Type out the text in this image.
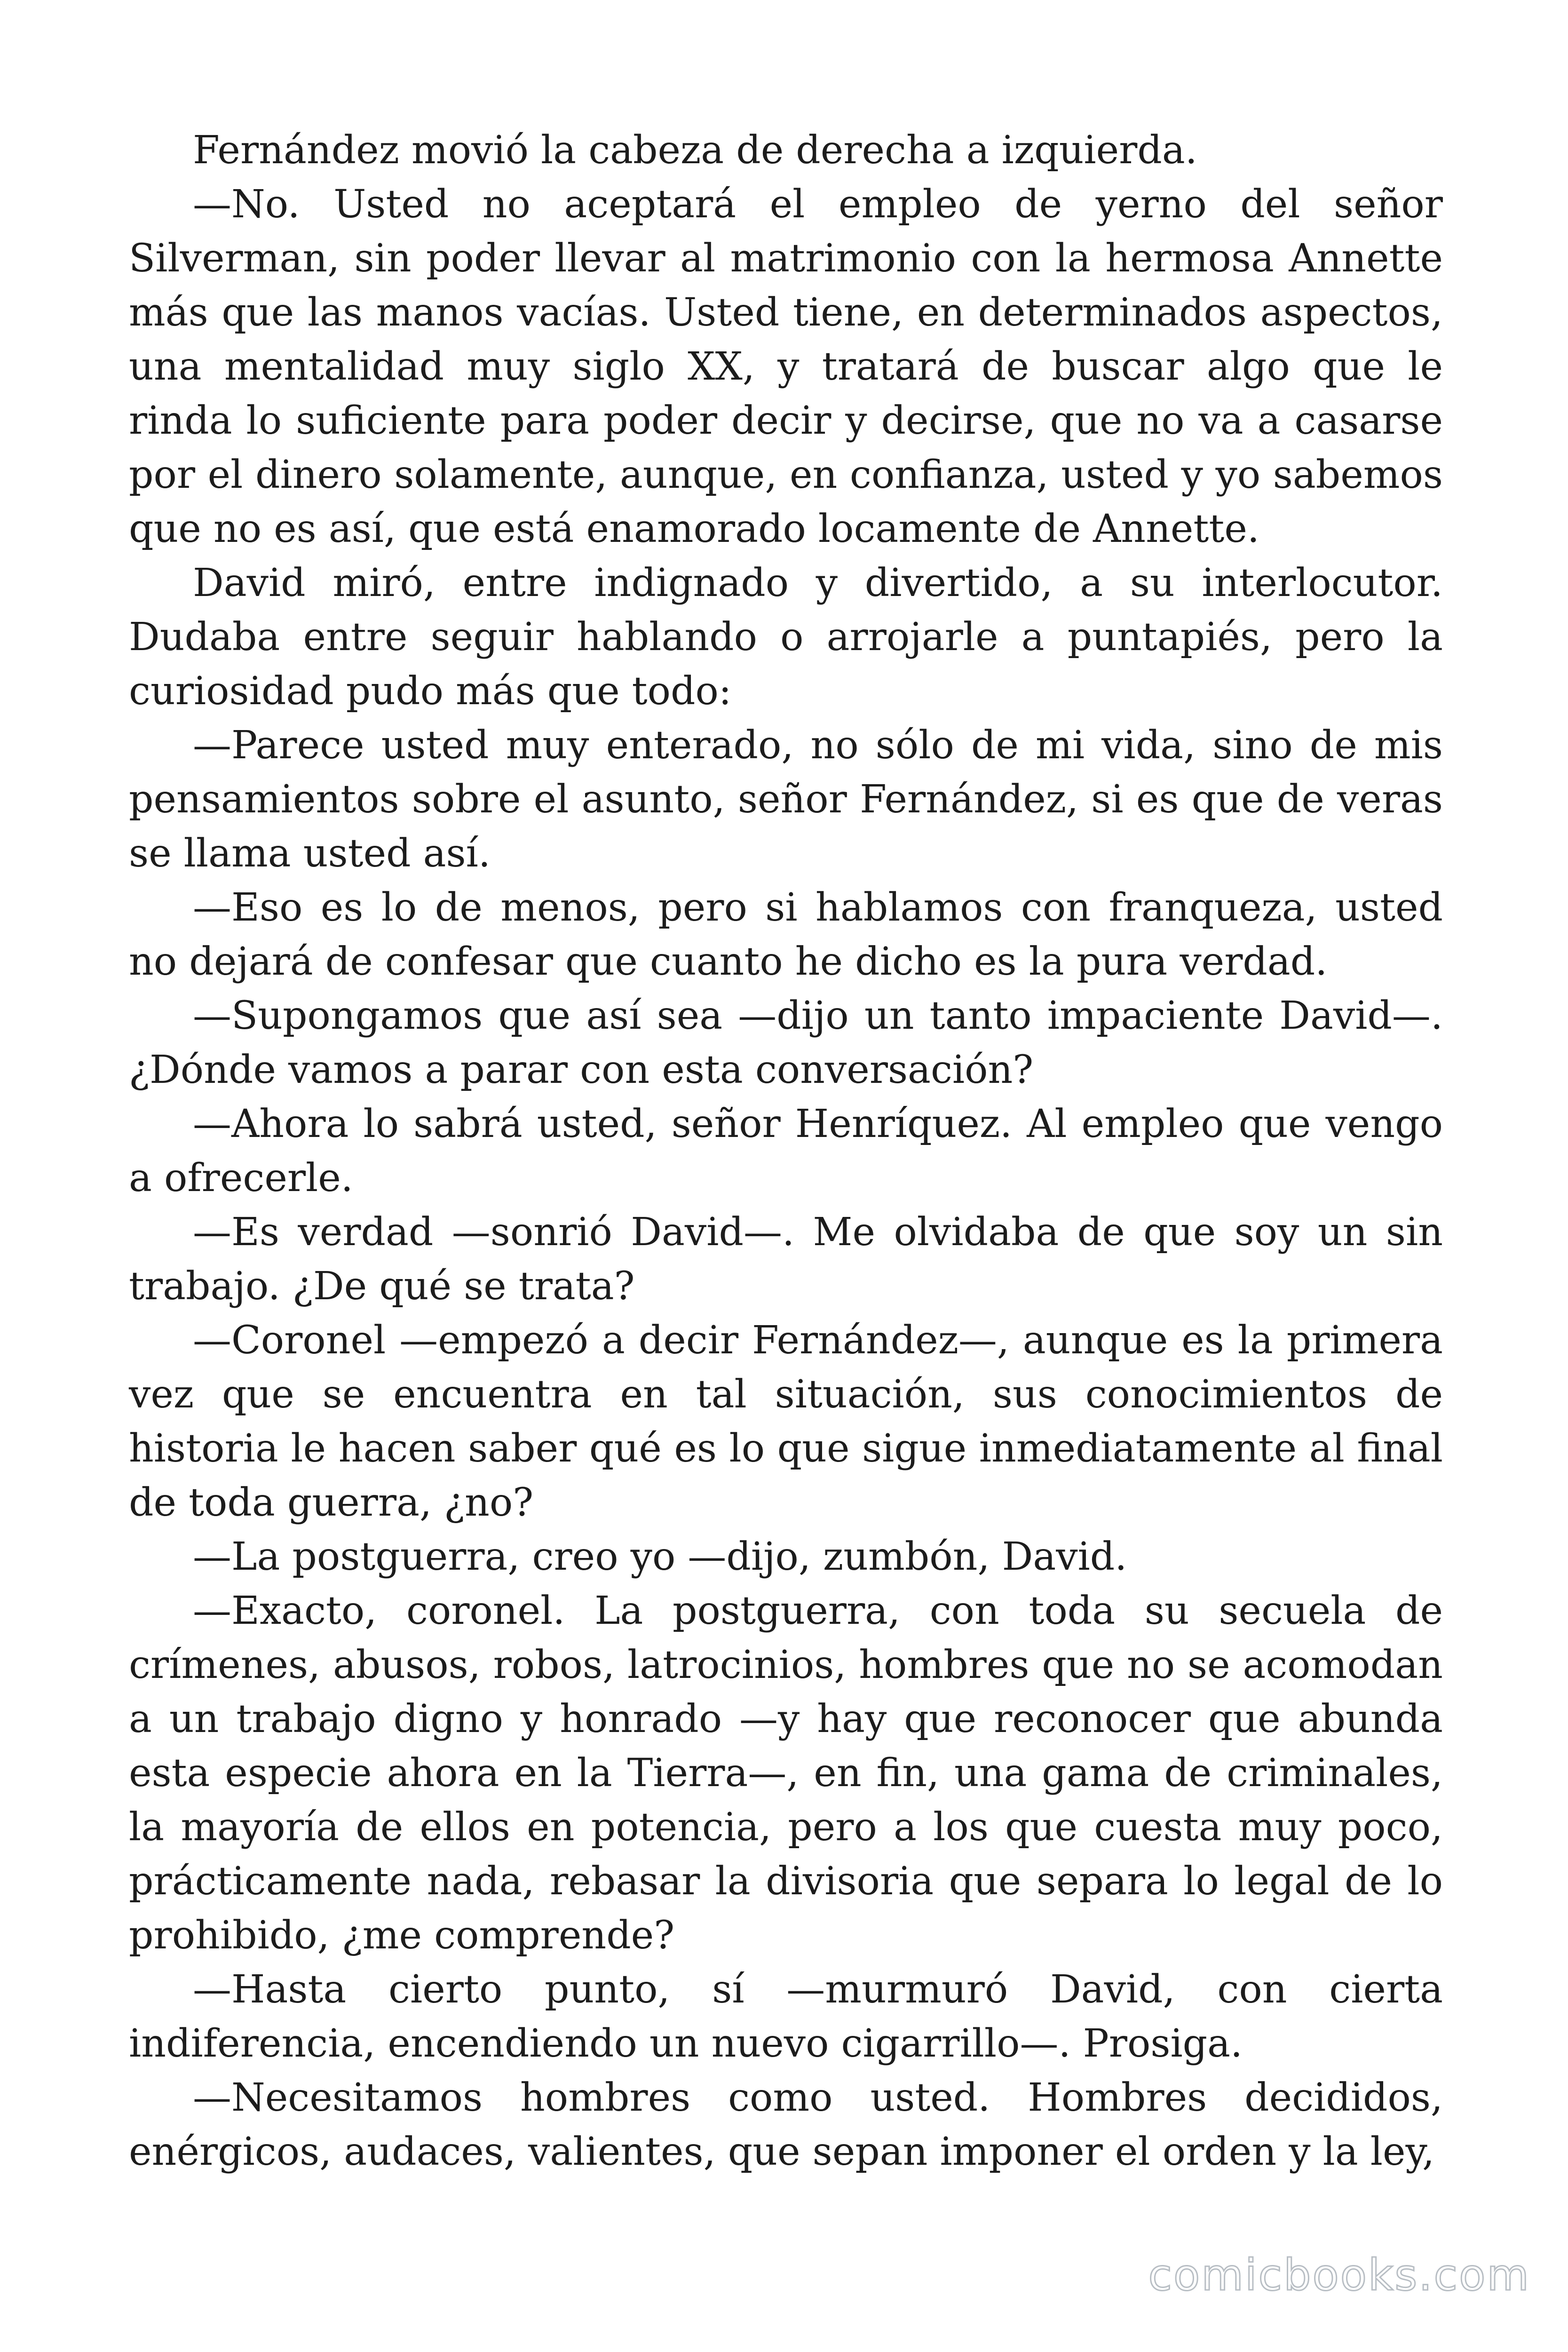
Fernández movió la cabeza de derecha a izquierda.

—No. Usted no aceptará el empleo de yerno del señor Silverman, sin poder llevar al matrimonio con la hermosa Annette más que las manos vacías. Usted tiene, en determinados aspectos, una mentalidad muy siglo XX, y tratará de buscar algo que le rinda lo suficiente para poder decir y decirse, que no va a casarse por el dinero solamente, aunque, en confianza, usted y yo sabemos que no es así, que está enamorado locamente de Annette.

David miró, entre indignado y divertido, a su interlocutor. Dudaba entre seguir hablando o arrojarle a puntapiés, pero la curiosidad pudo más que todo:

—Parece usted muy enterado, no sólo de mi vida, sino de mis pensamientos sobre el asunto, señor Fernández, si es que de veras se llama usted así.

—Eso es lo de menos, pero si hablamos con franqueza, usted no dejará de confesar que cuanto he dicho es la pura verdad.

—Supongamos que así sea —dijo un tanto impaciente David—. ¿Dónde vamos a parar con esta conversación?

—Ahora lo sabrá usted, señor Henríquez. Al empleo que vengo a ofrecerle.

—Es verdad —sonrió David—. Me olvidaba de que soy un sin trabajo. ¿De qué se trata?

—Coronel —empezó a decir Fernández—, aunque es la primera vez que se encuentra en tal situación, sus conocimientos de historia le hacen saber qué es lo que sigue inmediatamente al final de toda guerra, ¿no?

—La postguerra, creo yo —dijo, zumbón, David.

—Exacto, coronel. La postguerra, con toda su secuela de crímenes, abusos, robos, latrocinios, hombres que no se acomodan a un trabajo digno y honrado —y hay que reconocer que abunda esta especie ahora en la Tierra—, en fin, una gama de criminales, la mayoría de ellos en potencia, pero a los que cuesta muy poco, prácticamente nada, rebasar la divisoria que separa lo legal de lo prohibido, ¿me comprende?

—Hasta cierto punto, sí —murmuró David, con cierta indiferencia, encendiendo un nuevo cigarrillo—. Prosiga.

—Necesitamos hombres como usted. Hombres decididos, enérgicos, audaces, valientes, que sepan imponer el orden y la ley,

comicbooks.com
